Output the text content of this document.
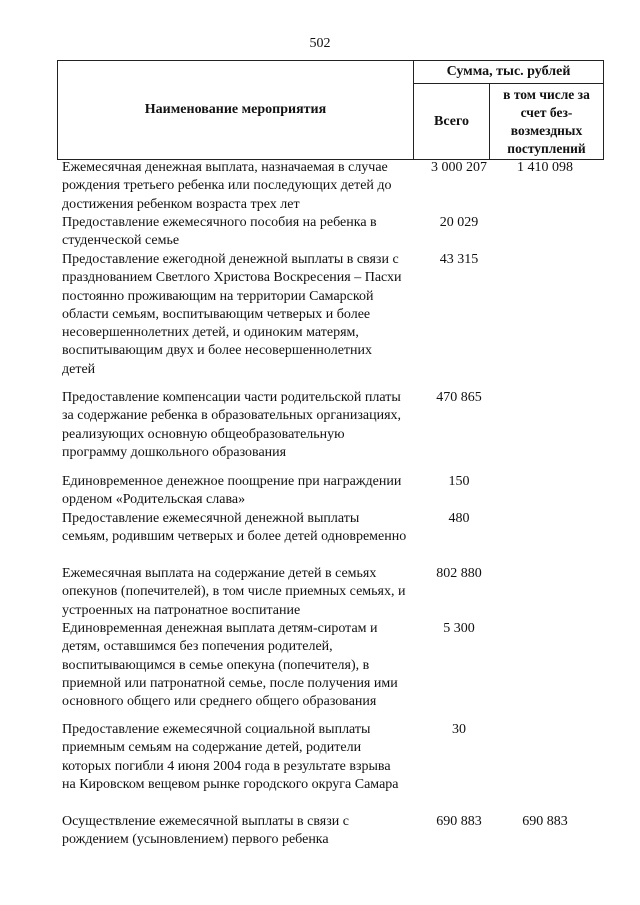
502
Наименование мероприятия
Сумма, тыс. рублей
Всего
в том числе за счет без-возмездных поступлений
Ежемесячная денежная выплата, назначаемая в случае рождения третьего ребенка или последующих детей до достижения ребенком возраста трех лет
3 000 207	1 410 098
Предоставление ежемесячного пособия на ребенка в студенческой семье
20 029
Предоставление ежегодной денежной выплаты в связи с празднованием Светлого Христова Воскресения – Пасхи постоянно проживающим на территории Самарской области семьям, воспитывающим четверых и более несовершеннолетних детей, и одиноким матерям, воспитывающим двух и более несовершеннолетних детей
43 315
Предоставление компенсации части родительской платы за содержание ребенка в образовательных организациях, реализующих основную общеобразовательную программу дошкольного образования
470 865
Единовременное денежное поощрение при награждении орденом «Родительская слава»
150
Предоставление ежемесячной денежной выплаты семьям, родившим четверых и более детей одновременно
480
Ежемесячная выплата на содержание детей в семьях опекунов (попечителей), в том числе приемных семьях, и устроенных на патронатное воспитание
802 880
Единовременная денежная выплата детям-сиротам и детям, оставшимся без попечения родителей, воспитывающимся в семье опекуна (попечителя), в приемной или патронатной семье, после получения ими основного общего или среднего общего образования
5 300
Предоставление ежемесячной социальной выплаты приемным семьям на содержание детей, родители которых погибли 4 июня 2004 года в результате взрыва на Кировском вещевом рынке городского округа Самара
30
Осуществление ежемесячной выплаты в связи с рождением (усыновлением) первого ребенка
690 883	690 883
